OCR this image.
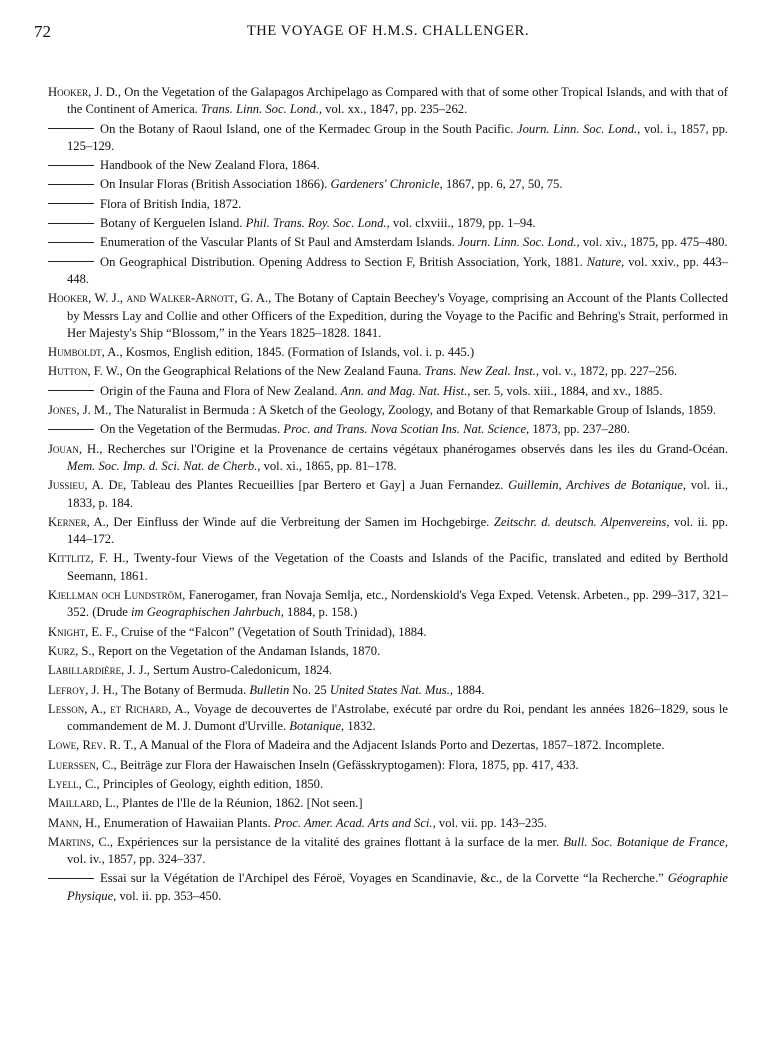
72	THE VOYAGE OF H.M.S. CHALLENGER.

Hooker, J. D., On the Vegetation of the Galapagos Archipelago as Compared with that of some other Tropical Islands, and with that of the Continent of America. Trans. Linn. Soc. Lond., vol. xx., 1847, pp. 235–262.

On the Botany of Raoul Island, one of the Kermadec Group in the South Pacific. Journ. Linn. Soc. Lond., vol. i., 1857, pp. 125–129.

Handbook of the New Zealand Flora, 1864.

On Insular Floras (British Association 1866). Gardeners' Chronicle, 1867, pp. 6, 27, 50, 75.

Flora of British India, 1872.

Botany of Kerguelen Island. Phil. Trans. Roy. Soc. Lond., vol. clxviii., 1879, pp. 1–94.

Enumeration of the Vascular Plants of St Paul and Amsterdam Islands. Journ. Linn. Soc. Lond., vol. xiv., 1875, pp. 475–480.

On Geographical Distribution. Opening Address to Section F, British Association, York, 1881. Nature, vol. xxiv., pp. 443–448.

Hooker, W. J., and Walker-Arnott, G. A., The Botany of Captain Beechey's Voyage, comprising an Account of the Plants Collected by Messrs Lay and Collie and other Officers of the Expedition, during the Voyage to the Pacific and Behring's Strait, performed in Her Majesty's Ship “Blossom,” in the Years 1825–1828. 1841.

Humboldt, A., Kosmos, English edition, 1845. (Formation of Islands, vol. i. p. 445.)

Hutton, F. W., On the Geographical Relations of the New Zealand Fauna. Trans. New Zeal. Inst., vol. v., 1872, pp. 227–256.

Origin of the Fauna and Flora of New Zealand. Ann. and Mag. Nat. Hist., ser. 5, vols. xiii., 1884, and xv., 1885.

Jones, J. M., The Naturalist in Bermuda : A Sketch of the Geology, Zoology, and Botany of that Remarkable Group of Islands, 1859.

On the Vegetation of the Bermudas. Proc. and Trans. Nova Scotian Ins. Nat. Science, 1873, pp. 237–280.

Jouan, H., Recherches sur l'Origine et la Provenance de certains végétaux phanérogames observés dans les iles du Grand-Océan. Mem. Soc. Imp. d. Sci. Nat. de Cherb., vol. xi., 1865, pp. 81–178.

Jussieu, A. De, Tableau des Plantes Recueillies [par Bertero et Gay] a Juan Fernandez. Guillemin, Archives de Botanique, vol. ii., 1833, p. 184.

Kerner, A., Der Einfluss der Winde auf die Verbreitung der Samen im Hochgebirge. Zeitschr. d. deutsch. Alpenvereins, vol. ii. pp. 144–172.

Kittlitz, F. H., Twenty-four Views of the Vegetation of the Coasts and Islands of the Pacific, translated and edited by Berthold Seemann, 1861.

Kjellman och Lundström, Fanerogamer, fran Novaja Semlja, etc., Nordenskiold's Vega Exped. Vetensk. Arbeten., pp. 299–317, 321–352. (Drude im Geographischen Jahrbuch, 1884, p. 158.)

Knight, E. F., Cruise of the “Falcon” (Vegetation of South Trinidad), 1884.

Kurz, S., Report on the Vegetation of the Andaman Islands, 1870.

Labillardière, J. J., Sertum Austro-Caledonicum, 1824.

Lefroy, J. H., The Botany of Bermuda. Bulletin No. 25 United States Nat. Mus., 1884.

Lesson, A., et Richard, A., Voyage de decouvertes de l'Astrolabe, exécuté par ordre du Roi, pendant les années 1826–1829, sous le commandement de M. J. Dumont d'Urville. Botanique, 1832.

Lowe, Rev. R. T., A Manual of the Flora of Madeira and the Adjacent Islands Porto and Dezertas, 1857–1872. Incomplete.

Luerssen, C., Beiträge zur Flora der Hawaischen Inseln (Gefässkryptogamen): Flora, 1875, pp. 417, 433.

Lyell, C., Principles of Geology, eighth edition, 1850.

Maillard, L., Plantes de l'Ile de la Réunion, 1862. [Not seen.]

Mann, H., Enumeration of Hawaiian Plants. Proc. Amer. Acad. Arts and Sci., vol. vii. pp. 143–235.

Martins, C., Expériences sur la persistance de la vitalité des graines flottant à la surface de la mer. Bull. Soc. Botanique de France, vol. iv., 1857, pp. 324–337.

Essai sur la Végétation de l'Archipel des Féroë, Voyages en Scandinavie, &c., de la Corvette “la Recherche.” Géographie Physique, vol. ii. pp. 353–450.
